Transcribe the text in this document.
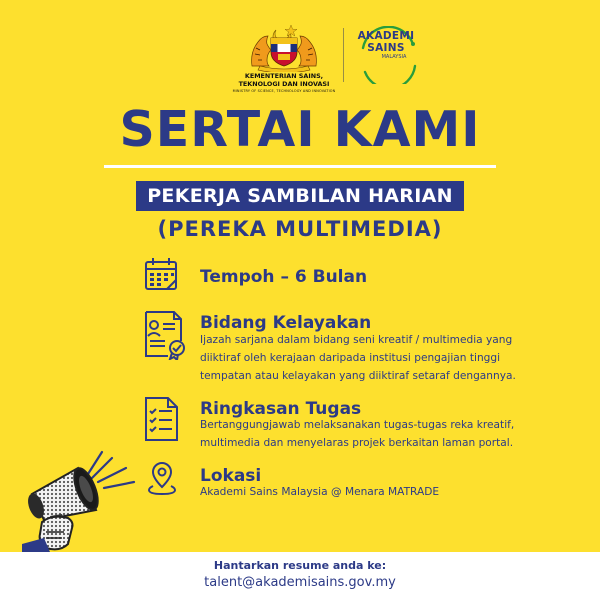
KEMENTERIAN SAINS,
TEKNOLOGI DAN INOVASI
MINISTRY OF SCIENCE, TECHNOLOGY AND INNOVATION
AKADEMI
SAINS
MALAYSIA
SERTAI KAMI
PEKERJA SAMBILAN HARIAN
(PEREKA MULTIMEDIA)
Tempoh – 6 Bulan
Bidang Kelayakan
Ijazah sarjana dalam bidang seni kreatif / multimedia yang
diiktiraf oleh kerajaan daripada institusi pengajian tinggi
tempatan atau kelayakan yang diiktiraf setaraf dengannya.
Ringkasan Tugas
Bertanggungjawab melaksanakan tugas-tugas reka kreatif,
multimedia dan menyelaras projek berkaitan laman portal.
Lokasi
Akademi Sains Malaysia @ Menara MATRADE
Hantarkan resume anda ke:
talent@akademisains.gov.my
